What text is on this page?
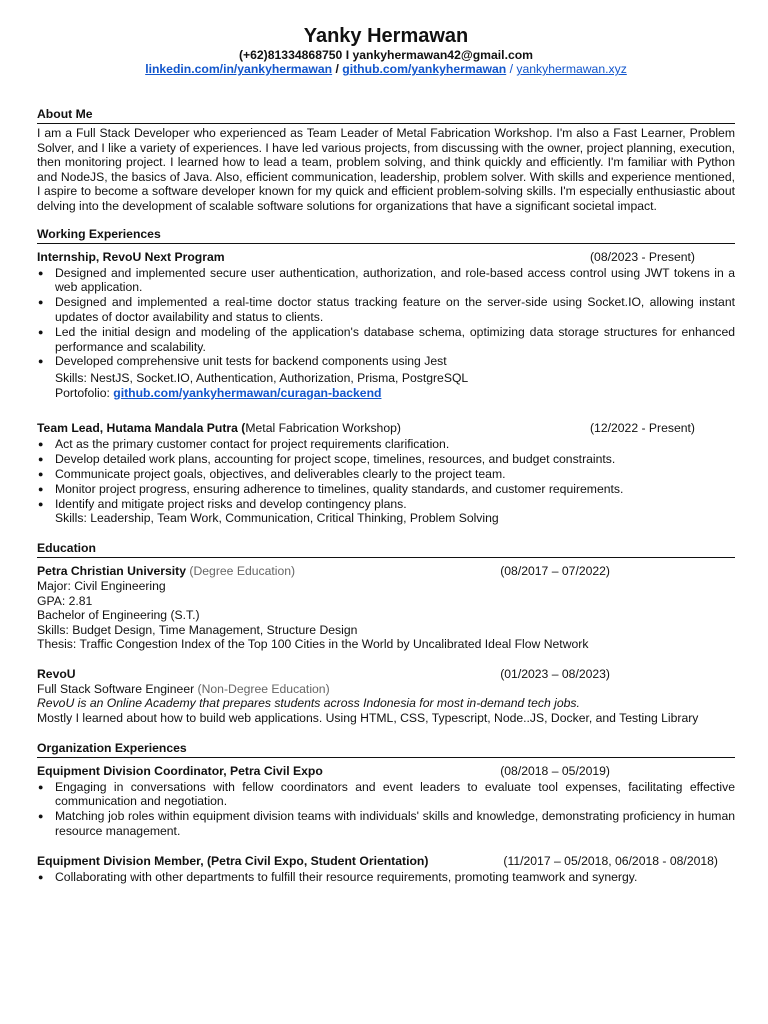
Yanky Hermawan
(+62)81334868750 I yankyhermawan42@gmail.com
linkedin.com/in/yankyhermawan / github.com/yankyhermawan / yankyhermawan.xyz
About Me
I am a Full Stack Developer who experienced as Team Leader of Metal Fabrication Workshop. I'm also a Fast Learner, Problem Solver, and I like a variety of experiences. I have led various projects, from discussing with the owner, project planning, execution, then monitoring project. I learned how to lead a team, problem solving, and think quickly and efficiently. I'm familiar with Python and NodeJS, the basics of Java. Also, efficient communication, leadership, problem solver. With skills and experience mentioned, I aspire to become a software developer known for my quick and efficient problem-solving skills. I'm especially enthusiastic about delving into the development of scalable software solutions for organizations that have a significant societal impact.
Working Experiences
Internship, RevoU Next Program	(08/2023 - Present)
● Designed and implemented secure user authentication, authorization, and role-based access control using JWT tokens in a web application.
● Designed and implemented a real-time doctor status tracking feature on the server-side using Socket.IO, allowing instant updates of doctor availability and status to clients.
● Led the initial design and modeling of the application's database schema, optimizing data storage structures for enhanced performance and scalability.
● Developed comprehensive unit tests for backend components using Jest
Skills: NestJS, Socket.IO, Authentication, Authorization, Prisma, PostgreSQL
Portofolio: github.com/yankyhermawan/curagan-backend
Team Lead, Hutama Mandala Putra (Metal Fabrication Workshop)	(12/2022 - Present)
● Act as the primary customer contact for project requirements clarification.
● Develop detailed work plans, accounting for project scope, timelines, resources, and budget constraints.
● Communicate project goals, objectives, and deliverables clearly to the project team.
● Monitor project progress, ensuring adherence to timelines, quality standards, and customer requirements.
● Identify and mitigate project risks and develop contingency plans.
Skills: Leadership, Team Work, Communication, Critical Thinking, Problem Solving
Education
Petra Christian University (Degree Education)	(08/2017 – 07/2022)
Major: Civil Engineering
GPA: 2.81
Bachelor of Engineering (S.T.)
Skills: Budget Design, Time Management, Structure Design
Thesis: Traffic Congestion Index of the Top 100 Cities in the World by Uncalibrated Ideal Flow Network
RevoU	(01/2023 – 08/2023)
Full Stack Software Engineer (Non-Degree Education)
RevoU is an Online Academy that prepares students across Indonesia for most in-demand tech jobs.
Mostly I learned about how to build web applications. Using HTML, CSS, Typescript, Node..JS, Docker, and Testing Library
Organization Experiences
Equipment Division Coordinator, Petra Civil Expo	(08/2018 – 05/2019)
● Engaging in conversations with fellow coordinators and event leaders to evaluate tool expenses, facilitating effective communication and negotiation.
● Matching job roles within equipment division teams with individuals' skills and knowledge, demonstrating proficiency in human resource management.
Equipment Division Member, (Petra Civil Expo, Student Orientation)	(11/2017 – 05/2018, 06/2018 - 08/2018)
● Collaborating with other departments to fulfill their resource requirements, promoting teamwork and synergy.
